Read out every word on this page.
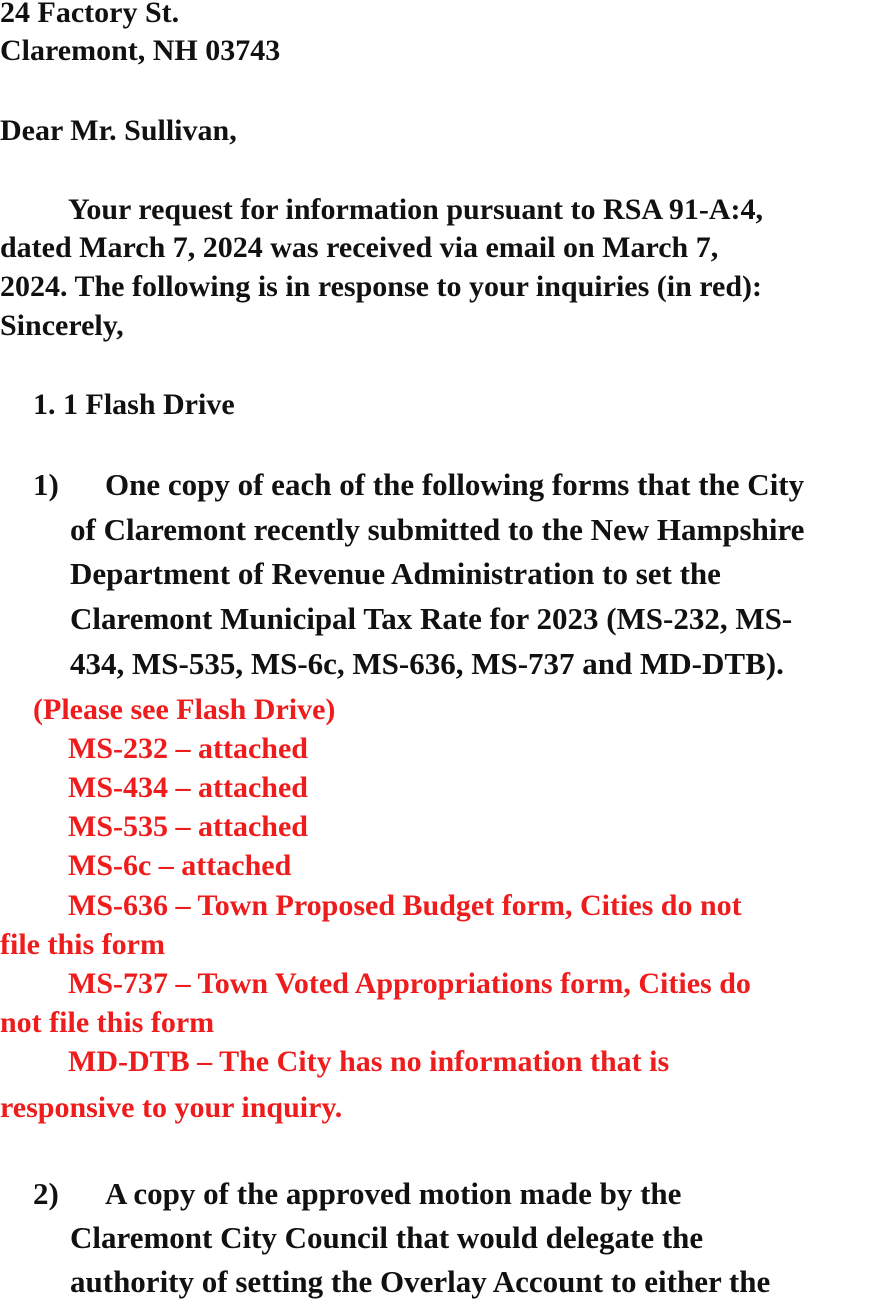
24 Factory St.
Claremont, NH 03743
Dear Mr. Sullivan,
Your request for information pursuant to RSA 91-A:4,
dated March 7, 2024 was received via email on March 7,
2024. The following is in response to your inquiries (in red):
Sincerely,
1. 1 Flash Drive
1) One copy of each of the following forms that the City
of Claremont recently submitted to the New Hampshire
Department of Revenue Administration to set the
Claremont Municipal Tax Rate for 2023 (MS-232, MS-
434, MS-535, MS-6c, MS-636, MS-737 and MD-DTB).
(Please see Flash Drive)
MS-232 – attached
MS-434 – attached
MS-535 – attached
MS-6c – attached
MS-636 – Town Proposed Budget form, Cities do not
file this form
MS-737 – Town Voted Appropriations form, Cities do
not file this form
MD-DTB – The City has no information that is
responsive to your inquiry.
2) A copy of the approved motion made by the
Claremont City Council that would delegate the
authority of setting the Overlay Account to either the
